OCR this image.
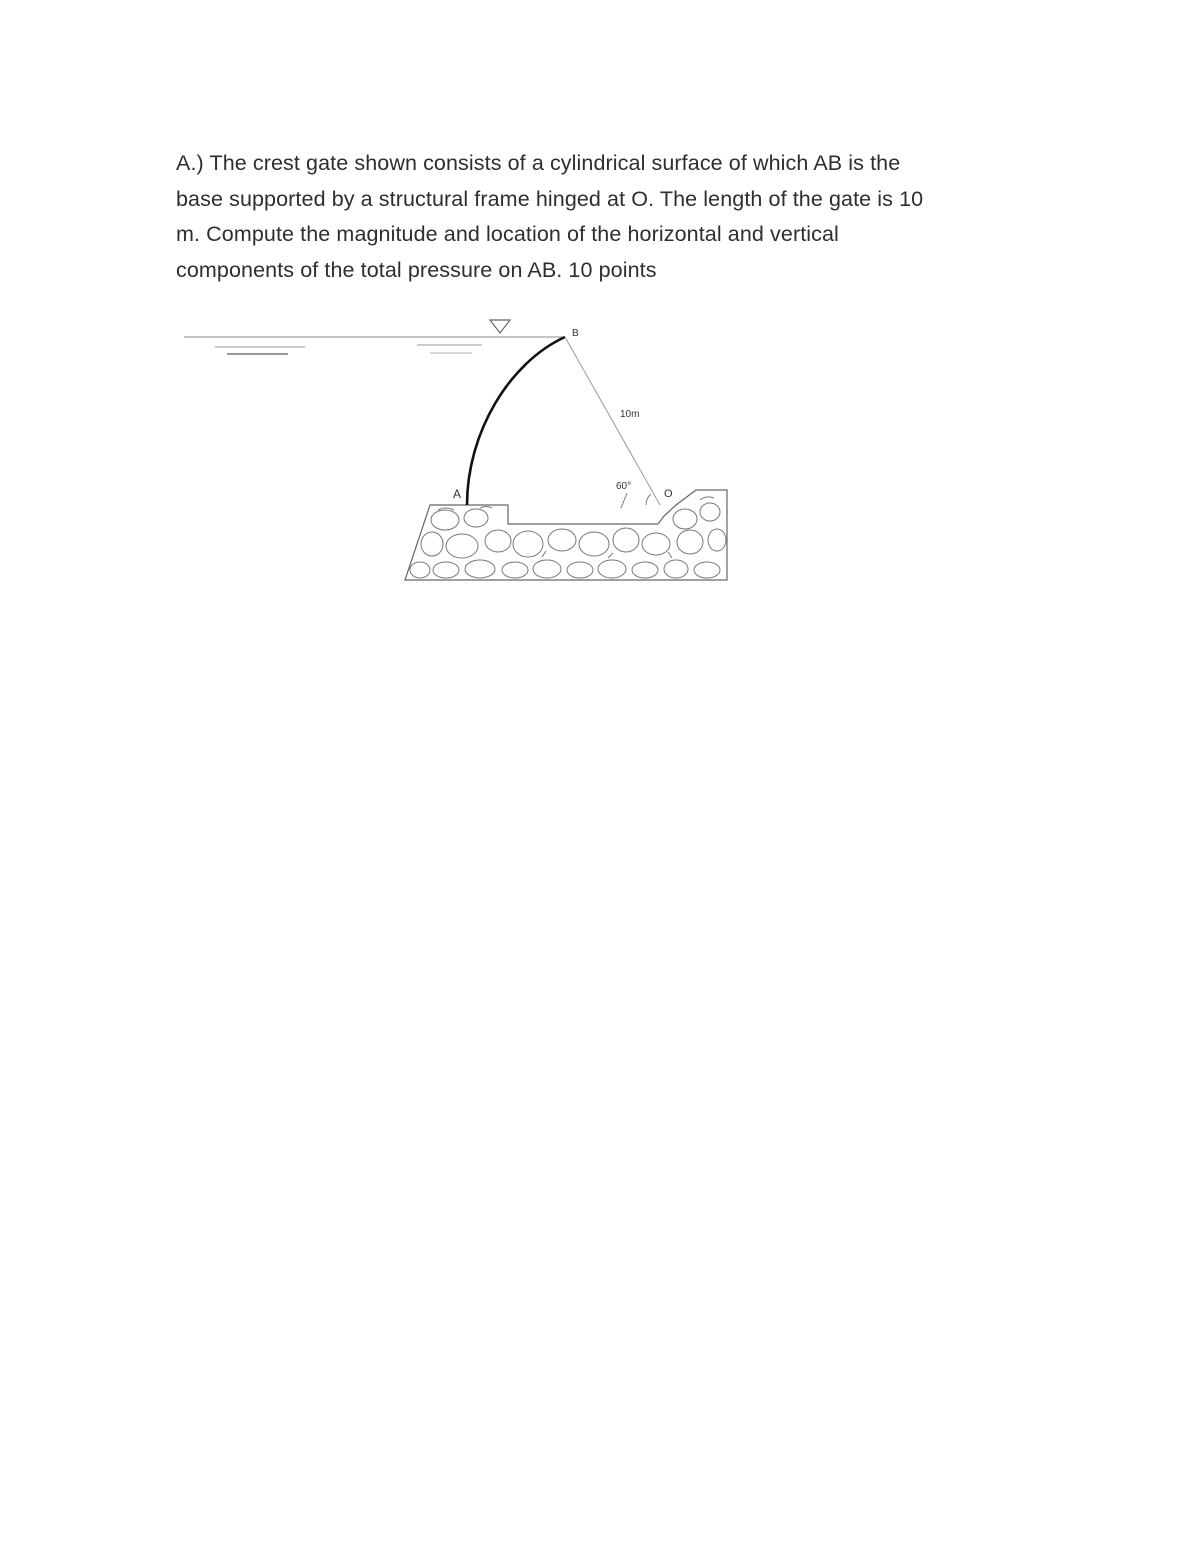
A.) The crest gate shown consists of a cylindrical surface of which AB is the
base supported by a structural frame hinged at O. The length of the gate is 10
m. Compute the magnitude and location of the horizontal and vertical
components of the total pressure on AB. 10 points
A
B
O
10m
60°
